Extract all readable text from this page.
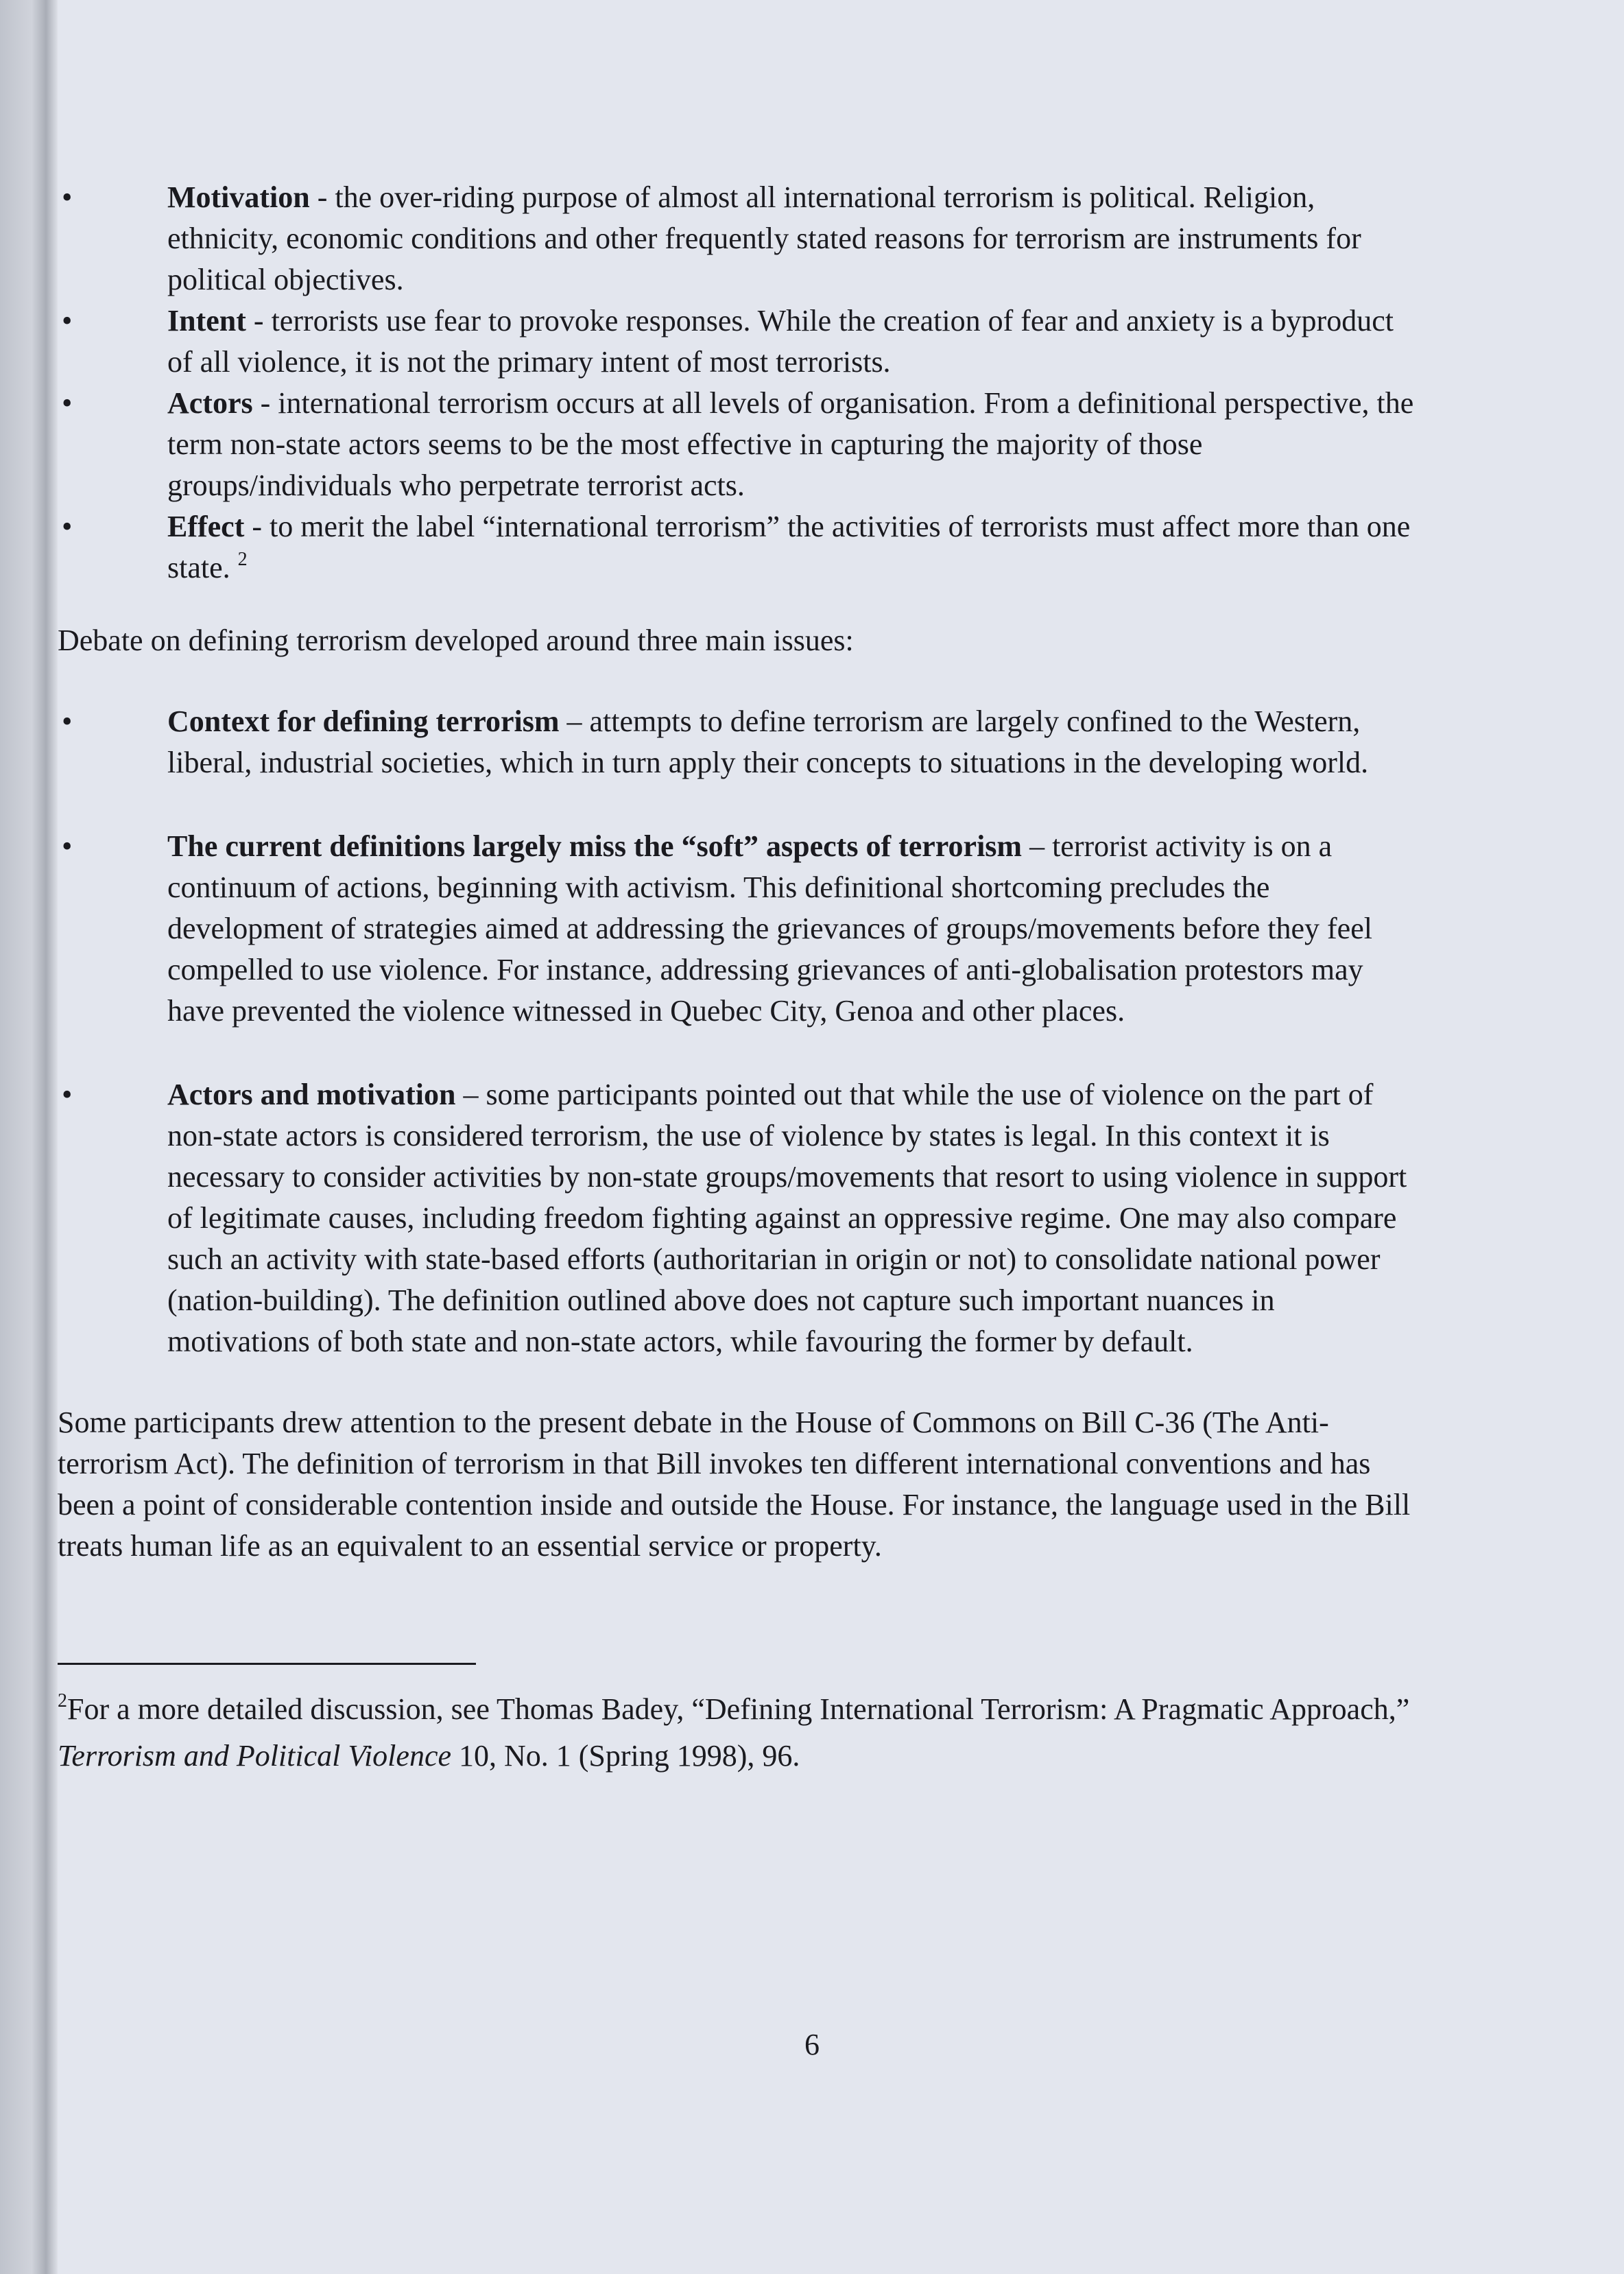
• Motivation - the over-riding purpose of almost all international terrorism is political. Religion, ethnicity, economic conditions and other frequently stated reasons for terrorism are instruments for political objectives.
• Intent - terrorists use fear to provoke responses. While the creation of fear and anxiety is a byproduct of all violence, it is not the primary intent of most terrorists.
• Actors - international terrorism occurs at all levels of organisation. From a definitional perspective, the term non-state actors seems to be the most effective in capturing the majority of those groups/individuals who perpetrate terrorist acts.
• Effect - to merit the label “international terrorism” the activities of terrorists must affect more than one state. $^2$

Debate on defining terrorism developed around three main issues:

• Context for defining terrorism – attempts to define terrorism are largely confined to the Western, liberal, industrial societies, which in turn apply their concepts to situations in the developing world.
• The current definitions largely miss the “soft” aspects of terrorism – terrorist activity is on a continuum of actions, beginning with activism. This definitional shortcoming precludes the development of strategies aimed at addressing the grievances of groups/movements before they feel compelled to use violence. For instance, addressing grievances of anti-globalisation protestors may have prevented the violence witnessed in Quebec City, Genoa and other places.
• Actors and motivation – some participants pointed out that while the use of violence on the part of non-state actors is considered terrorism, the use of violence by states is legal. In this context it is necessary to consider activities by non-state groups/movements that resort to using violence in support of legitimate causes, including freedom fighting against an oppressive regime. One may also compare such an activity with state-based efforts (authoritarian in origin or not) to consolidate national power (nation-building). The definition outlined above does not capture such important nuances in motivations of both state and non-state actors, while favouring the former by default.

Some participants drew attention to the present debate in the House of Commons on Bill C-36 (The Anti-terrorism Act). The definition of terrorism in that Bill invokes ten different international conventions and has been a point of considerable contention inside and outside the House. For instance, the language used in the Bill treats human life as an equivalent to an essential service or property.

$^2$For a more detailed discussion, see Thomas Badey, “Defining International Terrorism: A Pragmatic Approach,” Terrorism and Political Violence 10, No. 1 (Spring 1998), 96.

6
